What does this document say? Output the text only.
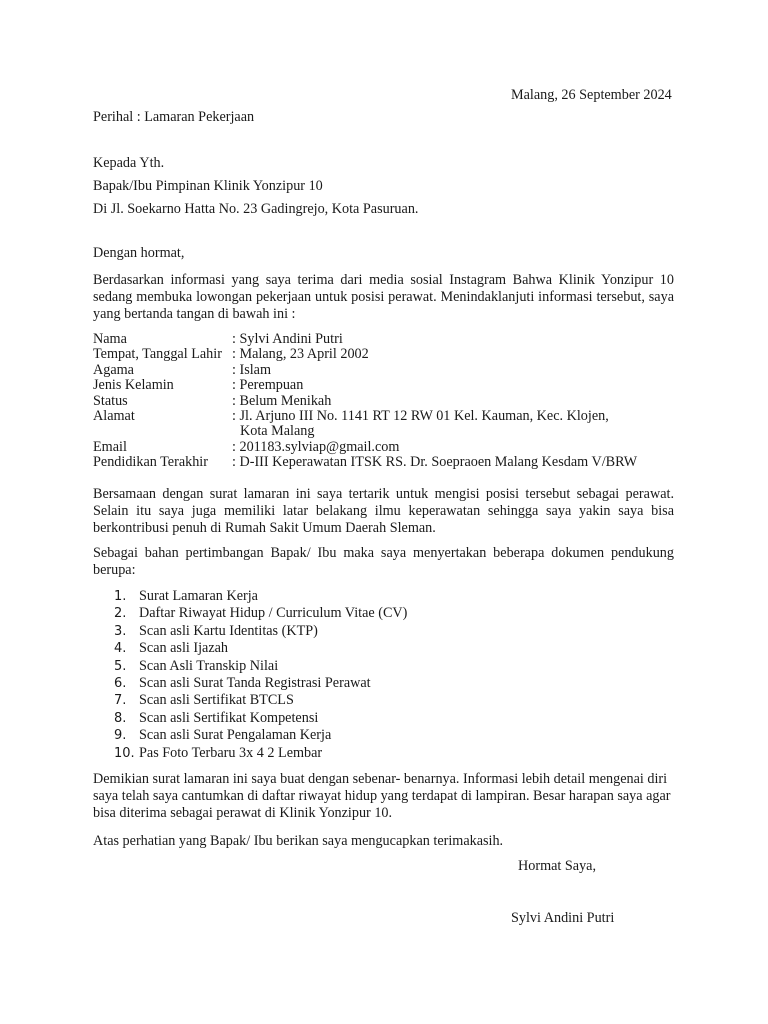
Malang, 26 September 2024
Perihal : Lamaran Pekerjaan
Kepada Yth.
Bapak/Ibu Pimpinan Klinik Yonzipur 10
Di Jl. Soekarno Hatta No. 23 Gadingrejo, Kota Pasuruan.
Dengan hormat,
Berdasarkan informasi yang saya terima dari media sosial Instagram Bahwa Klinik Yonzipur 10 sedang membuka lowongan pekerjaan untuk posisi perawat. Menindaklanjuti informasi tersebut, saya yang bertanda tangan di bawah ini :
Nama	: Sylvi Andini Putri
Tempat, Tanggal Lahir : Malang, 23 April 2002
Agama	: Islam
Jenis Kelamin	: Perempuan
Status	: Belum Menikah
Alamat	: Jl. Arjuno III No. 1141 RT 12 RW 01 Kel. Kauman, Kec. Klojen,
Kota Malang
Email	: 201183.sylviap@gmail.com
Pendidikan Terakhir	: D-III Keperawatan ITSK RS. Dr. Soepraoen Malang Kesdam V/BRW
Bersamaan dengan surat lamaran ini saya tertarik untuk mengisi posisi tersebut sebagai perawat. Selain itu saya juga memiliki latar belakang ilmu keperawatan sehingga saya yakin saya bisa berkontribusi penuh di Rumah Sakit Umum Daerah Sleman.
Sebagai bahan pertimbangan Bapak/ Ibu maka saya menyertakan beberapa dokumen pendukung berupa:
1. Surat Lamaran Kerja
2. Daftar Riwayat Hidup / Curriculum Vitae (CV)
3. Scan asli Kartu Identitas (KTP)
4. Scan asli Ijazah
5. Scan Asli Transkip Nilai
6. Scan asli Surat Tanda Registrasi Perawat
7. Scan asli Sertifikat BTCLS
8. Scan asli Sertifikat Kompetensi
9. Scan asli Surat Pengalaman Kerja
10. Pas Foto Terbaru 3x 4 2 Lembar
Demikian surat lamaran ini saya buat dengan sebenar- benarnya. Informasi lebih detail mengenai diri saya telah saya cantumkan di daftar riwayat hidup yang terdapat di lampiran. Besar harapan saya agar bisa diterima sebagai perawat di Klinik Yonzipur 10.
Atas perhatian yang Bapak/ Ibu berikan saya mengucapkan terimakasih.
Hormat Saya,
Sylvi Andini Putri
